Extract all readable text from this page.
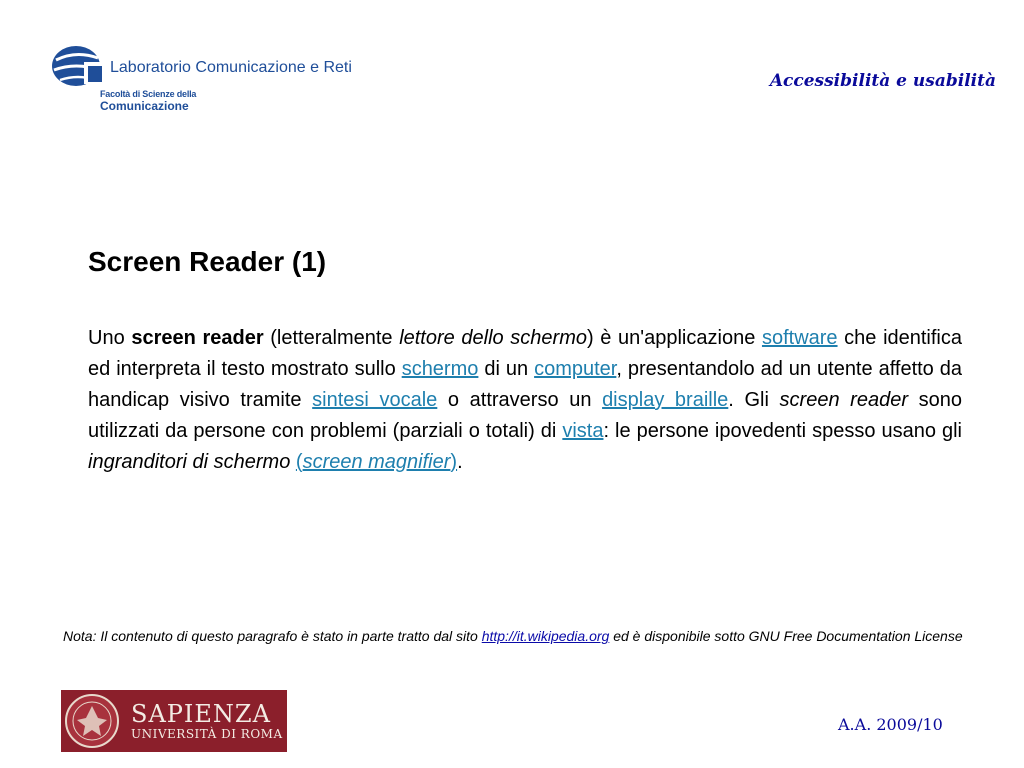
Laboratorio Comunicazione e Reti
Facoltà di Scienze della
Comunicazione
Accessibilità e usabilità
Screen Reader (1)
Uno screen reader (letteralmente lettore dello schermo) è un'applicazione software che identifica ed interpreta il testo mostrato sullo schermo di un computer, presentandolo ad un utente affetto da handicap visivo tramite sintesi vocale o attraverso un display braille. Gli screen reader sono utilizzati da persone con problemi (parziali o totali) di vista: le persone ipovedenti spesso usano gli ingranditori di schermo (screen magnifier).
Nota: Il contenuto di questo paragrafo è stato in parte tratto dal sito http://it.wikipedia.org ed è disponibile sotto GNU Free Documentation License
SAPIENZA
UNIVERSITÀ DI ROMA	A.A. 2009/10
